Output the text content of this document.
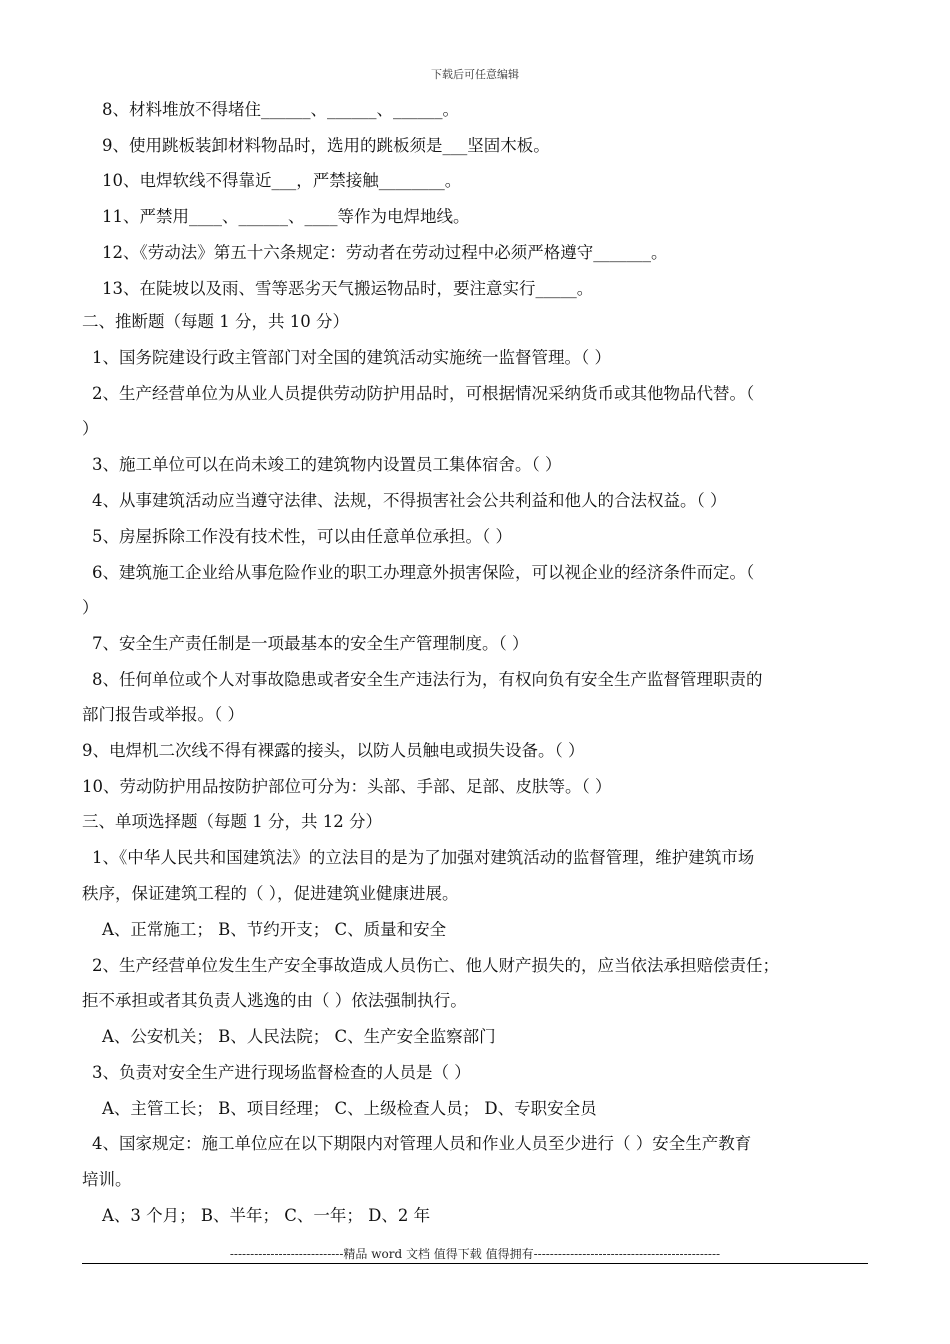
下载后可任意编辑
8、材料堆放不得堵住______、______、______。
9、使用跳板装卸材料物品时，选用的跳板须是___坚固木板。
10、电焊软线不得靠近___，严禁接触________。
11、严禁用____、______、____等作为电焊地线。
12、《劳动法》第五十六条规定：劳动者在劳动过程中必须严格遵守_______。
13、在陡坡以及雨、雪等恶劣天气搬运物品时，要注意实行_____。
二、推断题（每题 1 分，共 10 分）
1、国务院建设行政主管部门对全国的建筑活动实施统一监督管理。（ ）
2、生产经营单位为从业人员提供劳动防护用品时，可根据情况采纳货币或其他物品代替。（
）
3、施工单位可以在尚未竣工的建筑物内设置员工集体宿舍。（ ）
4、从事建筑活动应当遵守法律、法规，不得损害社会公共利益和他人的合法权益。（ ）
5、房屋拆除工作没有技术性，可以由任意单位承担。（ ）
6、建筑施工企业给从事危险作业的职工办理意外损害保险，可以视企业的经济条件而定。（
）
7、安全生产责任制是一项最基本的安全生产管理制度。（ ）
8、任何单位或个人对事故隐患或者安全生产违法行为，有权向负有安全生产监督管理职责的
部门报告或举报。（ ）
9、电焊机二次线不得有裸露的接头，以防人员触电或损失设备。（ ）
10、劳动防护用品按防护部位可分为：头部、手部、足部、皮肤等。（ ）
三、单项选择题（每题 1 分，共 12 分）
1、《中华人民共和国建筑法》的立法目的是为了加强对建筑活动的监督管理，维护建筑市场
秩序，保证建筑工程的（ ），促进建筑业健康进展。
A、正常施工； B、节约开支； C、质量和安全
2、生产经营单位发生生产安全事故造成人员伤亡、他人财产损失的，应当依法承担赔偿责任；
拒不承担或者其负责人逃逸的由（ ）依法强制执行。
A、公安机关； B、人民法院； C、生产安全监察部门
3、负责对安全生产进行现场监督检查的人员是（ ）
A、主管工长； B、项目经理； C、上级检查人员； D、专职安全员
4、国家规定：施工单位应在以下期限内对管理人员和作业人员至少进行（ ）安全生产教育
培训。
A、3 个月； B、半年； C、一年； D、2 年
----------------------------精品 word 文档 值得下载 值得拥有----------------------------------------------
